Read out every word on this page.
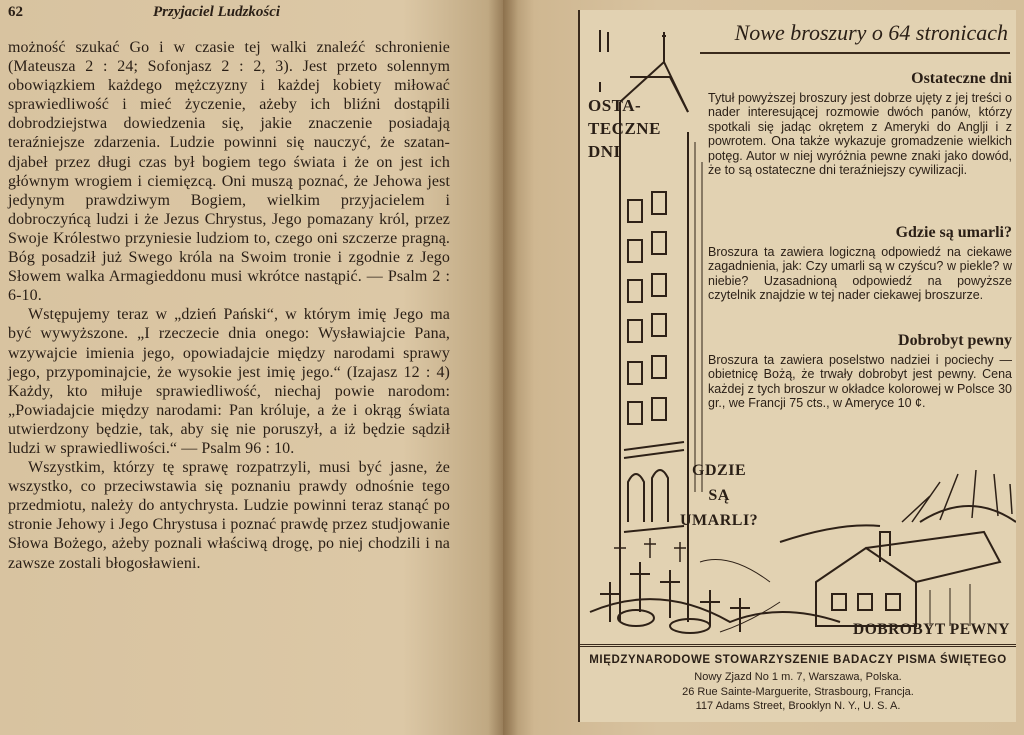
62	Przyjaciel Ludzkości

możność szukać Go i w czasie tej walki znaleźć schronienie (Mateusza 2 : 24; Sofonjasz 2 : 2, 3). Jest przeto solennym obowiązkiem każdego mężczyzny i każdej kobiety miłować sprawiedliwość i mieć życzenie, ażeby ich bliźni dostąpili dobrodziejstwa dowiedzenia się, jakie znaczenie posiadają teraźniejsze zdarzenia. Ludzie powinni się nauczyć, że szatan-djabeł przez długi czas był bogiem tego świata i że on jest ich głównym wrogiem i ciemięzcą. Oni muszą poznać, że Jehowa jest jedynym prawdziwym Bogiem, wielkim przyjacielem i dobroczyńcą ludzi i że Jezus Chrystus, Jego pomazany król, przez Swoje Królestwo przyniesie ludziom to, czego oni szczerze pragną. Bóg posadził już Swego króla na Swoim tronie i zgodnie z Jego Słowem walka Armagieddonu musi wkrótce nastąpić. — Psalm 2 : 6-10.

Wstępujemy teraz w „dzień Pański“, w którym imię Jego ma być wywyższone. „I rzeczecie dnia onego: Wysławiajcie Pana, wzywajcie imienia jego, opowiadajcie między narodami sprawy jego, przypominajcie, że wysokie jest imię jego.“ (Izajasz 12 : 4) Każdy, kto miłuje sprawiedliwość, niechaj powie narodom: „Powiadajcie między narodami: Pan króluje, a że i okrąg świata utwierdzony będzie, tak, aby się nie poruszył, a iż będzie sądził ludzi w sprawiedliwości.“ — Psalm 96 : 10.

Wszystkim, którzy tę sprawę rozpatrzyli, musi być jasne, że wszystko, co przeciwstawia się poznaniu prawdy odnośnie tego przedmiotu, należy do antychrysta. Ludzie powinni teraz stanąć po stronie Jehowy i Jego Chrystusa i poznać prawdę przez studjowanie Słowa Bożego, ażeby poznali właściwą drogę, po niej chodzili i na zawsze zostali błogosławieni.

Nowe broszury o 64 stronicach
Ostateczne dni
Tytuł powyższej broszury jest dobrze ujęty z jej treści o nader interesującej rozmowie dwóch panów, którzy spotkali się jadąc okrętem z Ameryki do Anglji i z powrotem. Ona także wykazuje gromadzenie wielkich potęg. Autor w niej wyróżnia pewne znaki jako dowód, że to są ostateczne dni teraźniejszy cywilizacji.
Gdzie są umarli?
Broszura ta zawiera logiczną odpowiedź na ciekawe zagadnienia, jak: Czy umarli są w czyścu? w piekle? w niebie? Uzasadnioną odpowiedź na powyższe czytelnik znajdzie w tej nader ciekawej broszurze.
Dobrobyt pewny
Broszura ta zawiera poselstwo nadziei i pociechy — obietnicę Bożą, że trwały dobrobyt jest pewny. Cena każdej z tych broszur w okładce kolorowej w Polsce 30 gr., we Francji 75 cts., w Ameryce 10 ¢.
OSTA-
TECZNE
DNI
GDZIE
SĄ
UMARLI?
DOBROBYT PEWNY
MIĘDZYNARODOWE STOWARZYSZENIE BADACZY PISMA ŚWIĘTEGO
Nowy Zjazd No 1 m. 7, Warszawa, Polska.
26 Rue Sainte-Marguerite, Strasbourg, Francja.
117 Adams Street, Brooklyn N. Y., U. S. A.
